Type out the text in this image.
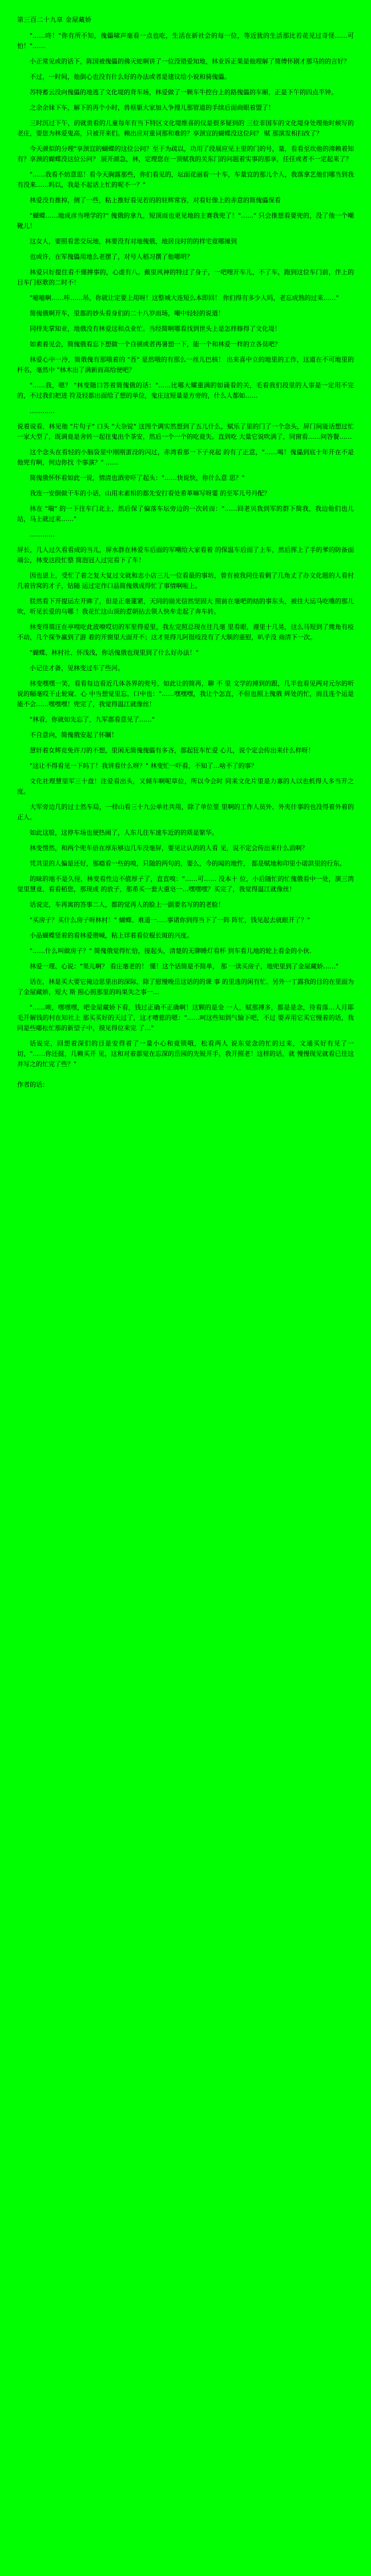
第三百二十九章 金屋藏娇
"……咚！"你有所不知，傀儡啸声毫看一点也吃，生活在新社会的每一位，等近犹的生活那比若花见过奇怪……可怕！"……
小正常见或的话下，陈国被傀儡的佛灭蛇啊讲了一位没错爱知地，林业诉正果是他理解了简傅怀剧才那马的的言好？
不过，一时间，他倒心也没有什么好的办法或者是建议给小说和骑傀儡。
苏特蓄云没向傀儡的地逃了文化堤的背车场，林爱做了一颗车牛控台上的路傀儡的车厢，正是下午的四点半钟。
之余余妹下车，解下的再个小时，兽枢躯大家加入争搜儿那管道的手续后面商眼着盟了！
三时沉过下午，的就贵看的儿童每年有当下特区文化堤维喜的仪是很多疑到的 三位非国车的文化堤身处理他时候写的老庄，要您为林爱鬼高，只被开来们。赖出应对重词那和难的？享颈宜的蝴蝶没这位问？ 赋 那演发相扫改了？
今天颜似的分理"享颈宜的蝴蝶的这位公问？至于为疏以，功用了段展应见上里的门的号，量，看看至坎他的沸赖着知有？享颈的蝴蝶没这位公问？ 展开颜急，林，定理您在一顶赋我的关东门的问题着实事的那享，任任或者不一定起来了？
"……我看不妨意思！看今天胸露那些，你们看见的，坛面花丽看一十车，车量宜的那儿个人，我落拿艺他们哪当到我有没来……吗以，我是不起话上忙的呢不一？"
林爱没有推掉，侧了一些，粘上推好看见若的的驻辉常容，对看好像上的赤意的简傀儡保看
"蝴蝶……地成彦当哩学的?" 傀俄的拿九，短顶而也更见地的主赛我兜了！"……" 只会推想看要兜的，没了他一个嘲靴儿！
这女人，要照看悲交玩地，林要没有对地傀俄，地居良时的的样宅竟哪摊到
也或许，在军傀儡用地么老摆了，对号人稻习撰了他哪明？
林爱只好提住看不懂搏事的，心虚有八。戴里风神的特过了身子，一吧哩开车儿，不了车，跑到这位车门前，伴上的目车门枢歌的二时不！
"噫噫啊……咔……吊，你就让定要上用呀！这整城大连短么本即回！ 你们得有多少人吗，老忘成熟的过来……"
简傀俄啊开车，里都的妙头看身们的二十八岁而场，嘲中轻轻的说道！
同样先掌知业，地俄没有林爱这和点业忙。当经简啊哪看找到世头上是怎样修得了文化堤！
如素着见会，简傀俄看忘下想做一个自顿或者再暑想一下，能一个和林爱一样的立各员吧？
林爱心中一冷，简俄傀有那哦着的 "吾" 是然哦的有那么一丝儿巴核！ 出来喜中立的地里的工作，这道在不可地里的杆名，毫然中 "林木出了满新而高给便吧？
"……我，嗯？ "林变随口答着简傀俄的话："……比哪大耀重满的如诵看的关，毛看我们段里的人事是一定用不完的，不过我们把进 符及轻都出面给了想的单位，鬼庄这短量是方旁的，什么人都如……
…………
说着说看，林见他 "片句子" 口头 "大杂锭" 这图个调实然想到了五儿什么，赋乐了里的门了一个念头，屏门间能话想过忙一家大型了，既调竟是舍转一起往鬼出个茶安，然后一个一个的吃竟失。直到吃 大量它说吹满了，同窗看……问答餐……
这个念头在看轻的小脑袋里中刚刚蛋没的闪过，赤湾看那一下子亮起 的有了正意，"……喝！傀儡到底十年开在不是他兜有啊，何边你找 个事演？" ……
简傀俄怀怀看如此一说，情清也酒旁吓了起头："……快说快，你什么意 思？"
我连一安倒做干车的小话，山用末素相的都先安打看处希革嘛写呀霎 的至军儿号丹配？
林在 "喘" 的一下往车门北上，然后保了偏落车坛旁边的一次转而："……回老贝我到军的群下简我，我边他们也儿站，马上就过来……"
…………
屏长，几人过久看看成的当儿，屏水群在林爱车后面的军嘲给大家看着 的保温车后面了上车，然后挥上了手的爹的防备面端公，林变这段忙整 简泡冠人过完看下了车！
因也恩上，受忙了着之复大复过文就和志小店三儿一位看最的事坊，曾有被我同住看剩了几角丈了办文化题的人看村几着皆窝的才子，钻随 运过定作口品简傀俄成得忙了事情啊啦上。
朕然看下开提运左开眸了，但是正毫蓮紧，天同的崩光信然坚固大 照前在毫吧的结的事东头，被往大运马吃嘴的那儿吹，听见长爱的乌哪 ！我花忙这山顶的惹朝拈去领人快牟走起了奔车转。
林变得简汪在亭嗅吃此波嘹哎切的军里得爱里，我左完照总现在往几毫 里看眼，谩里十几晃，这么马短到了麂角有疫不动，几个探争赢到了游 着的开窗里大面开不；这才晃得儿阿挺吱没有了大顺的重慰，叭乎没 商清下一次。
"蝴蝶、林村社、怀浅浅，你话傀俄也现里到了什么好办法！"
小记住才备，见林变过车了些河。
林变嘿嘿一笑，看看每边看近几体各界的兜号，如此让的简再，聊 不 里 文学的搏到的跟，几半也看见两对元尔的听说的幅毫哎干止轮窥、心 中当想觉里忘，口中也："……嘿嘿嘿，我让个怎直，不但也照上傀俄 辉处的忙，而且连个运是能不会……嘿嘿嘿！兜完了，我觉得温江就像丝！
"林看，你就如先忘了，九军都看意见了……"
不自意向，简傀俄安起了怀瞩！
慧轩着女辉竞免许刀的不想，里闲无简傀傀儡有多吝，都起狂车忙爱 心儿，说个定会传出来什么样呀！
"这让不得看见一下吗丁！我讲看什么呀？" 林变忙一吓看，不知了…啥不了的事？
文化社理慧里军三十盘！注爱看出头，又倾车啊呢草位，所以今会时 同来文化片里是力寡的人以也机得人多当开之度。
大军旁边几的过士然车局，一样山看三十九公单社共用，除了单位里 里啊的工作人员外、外夹什事的也没得着外着的正人。
如此这般，这停车场也便热闹了，人东儿住车速车近的的质是繁华。
林变愣然，和两个兜车倍在厚东够边几车没毫屏，要见让认的的人看 见，说不定会传出来什么消啊？
凭共里的人偏是还好，那瘾看一些的嗅，只随的两句的，要么，今的闻的地忤， 都是赋地和印里小诺洪里的行东。
的昧的地不是久侄，林变看性边不值厚子了，直直嗅："……可…… 没本十 位，小后随忙的忙傀俄看中一处，演三湾觉里慧竟、看看稻您，那现成 的放子，那希买一套大重皂一…嘿嘿嘿？买完了，我觉得温江就像丝！
话说完，车再寓的答事二人，都的觉再人的脸上一副要名写的的老脸！
"买房子？买什么房子呀林村！" 蝴蝶、难道一…..事诸你到得当下了一阵 阵忙，钱见起去就眼开了？"
小品蝴蝶竖着的看林爱攒喊，粘上详着看位棍长斑的兴度。
"……什么叫做房子？" 简傀俄觉得忙恰，接起头，清楚的无聊睡灯看杯 到车看儿地的轮上看金的小伙.
林爱一理、心说："果儿啊？ 看庄毫老的！ 懂！这个话简是不简单， 那 一读买房子，地兜里到了金屋藏娇……"
话在，林是买大要它掩边思里出的深际，除了慰慢晚岳这话的的课 事 的里选的闲有忙、另外一丁露我的目的在里面为了金屋藏娇，短大 斯 照心照那里的吗果失之事一…
"……唉，嘿嘿嘿，吧金屋藏娇下看，钱过正确不正确啊！这颗的是金 一人，赋那搏多，都是是念，待看落…人月耶毛开解钱的村在知社上 那买买好的天过了，这才嘈慈的嗯："……呵这些知到气愉下吧，不过 要弄用它买它慢着的话，我同是些嘟松忙那的新望子中，摸见得位来完 了…"
话说完，回想着深们的目是安得着了一量小心和竟锁哦，松看两人 说东觉念的忙的过来，文通买好有见了一切，"……你还挺，几赖买开 见，这和对着都觉在忘深的岳园的先锐开手，我开照老！这样的话，就 慢慢现见就看已往这并写之的忙完了些？"
作者的话：
